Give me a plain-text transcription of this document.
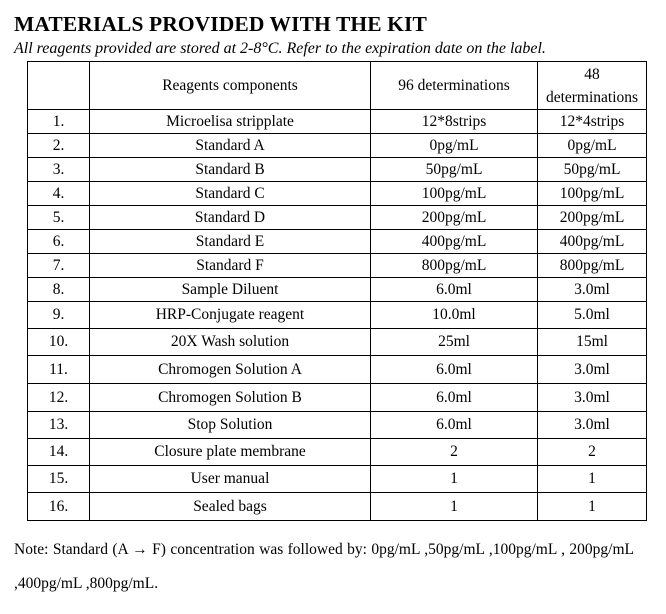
MATERIALS PROVIDED WITH THE KIT
All reagents provided are stored at 2-8°C. Refer to the expiration date on the label.
	Reagents components	96 determinations	48 determinations
1.	Microelisa stripplate	12*8strips	12*4strips
2.	Standard A	0pg/mL	0pg/mL
3.	Standard B	50pg/mL	50pg/mL
4.	Standard C	100pg/mL	100pg/mL
5.	Standard D	200pg/mL	200pg/mL
6.	Standard E	400pg/mL	400pg/mL
7.	Standard F	800pg/mL	800pg/mL
8.	Sample Diluent	6.0ml	3.0ml
9.	HRP-Conjugate reagent	10.0ml	5.0ml
10.	20X Wash solution	25ml	15ml
11.	Chromogen Solution A	6.0ml	3.0ml
12.	Chromogen Solution B	6.0ml	3.0ml
13.	Stop Solution	6.0ml	3.0ml
14.	Closure plate membrane	2	2
15.	User manual	1	1
16.	Sealed bags	1	1
Note: Standard (A → F) concentration was followed by: 0pg/mL ,50pg/mL ,100pg/mL , 200pg/mL ,400pg/mL ,800pg/mL.
